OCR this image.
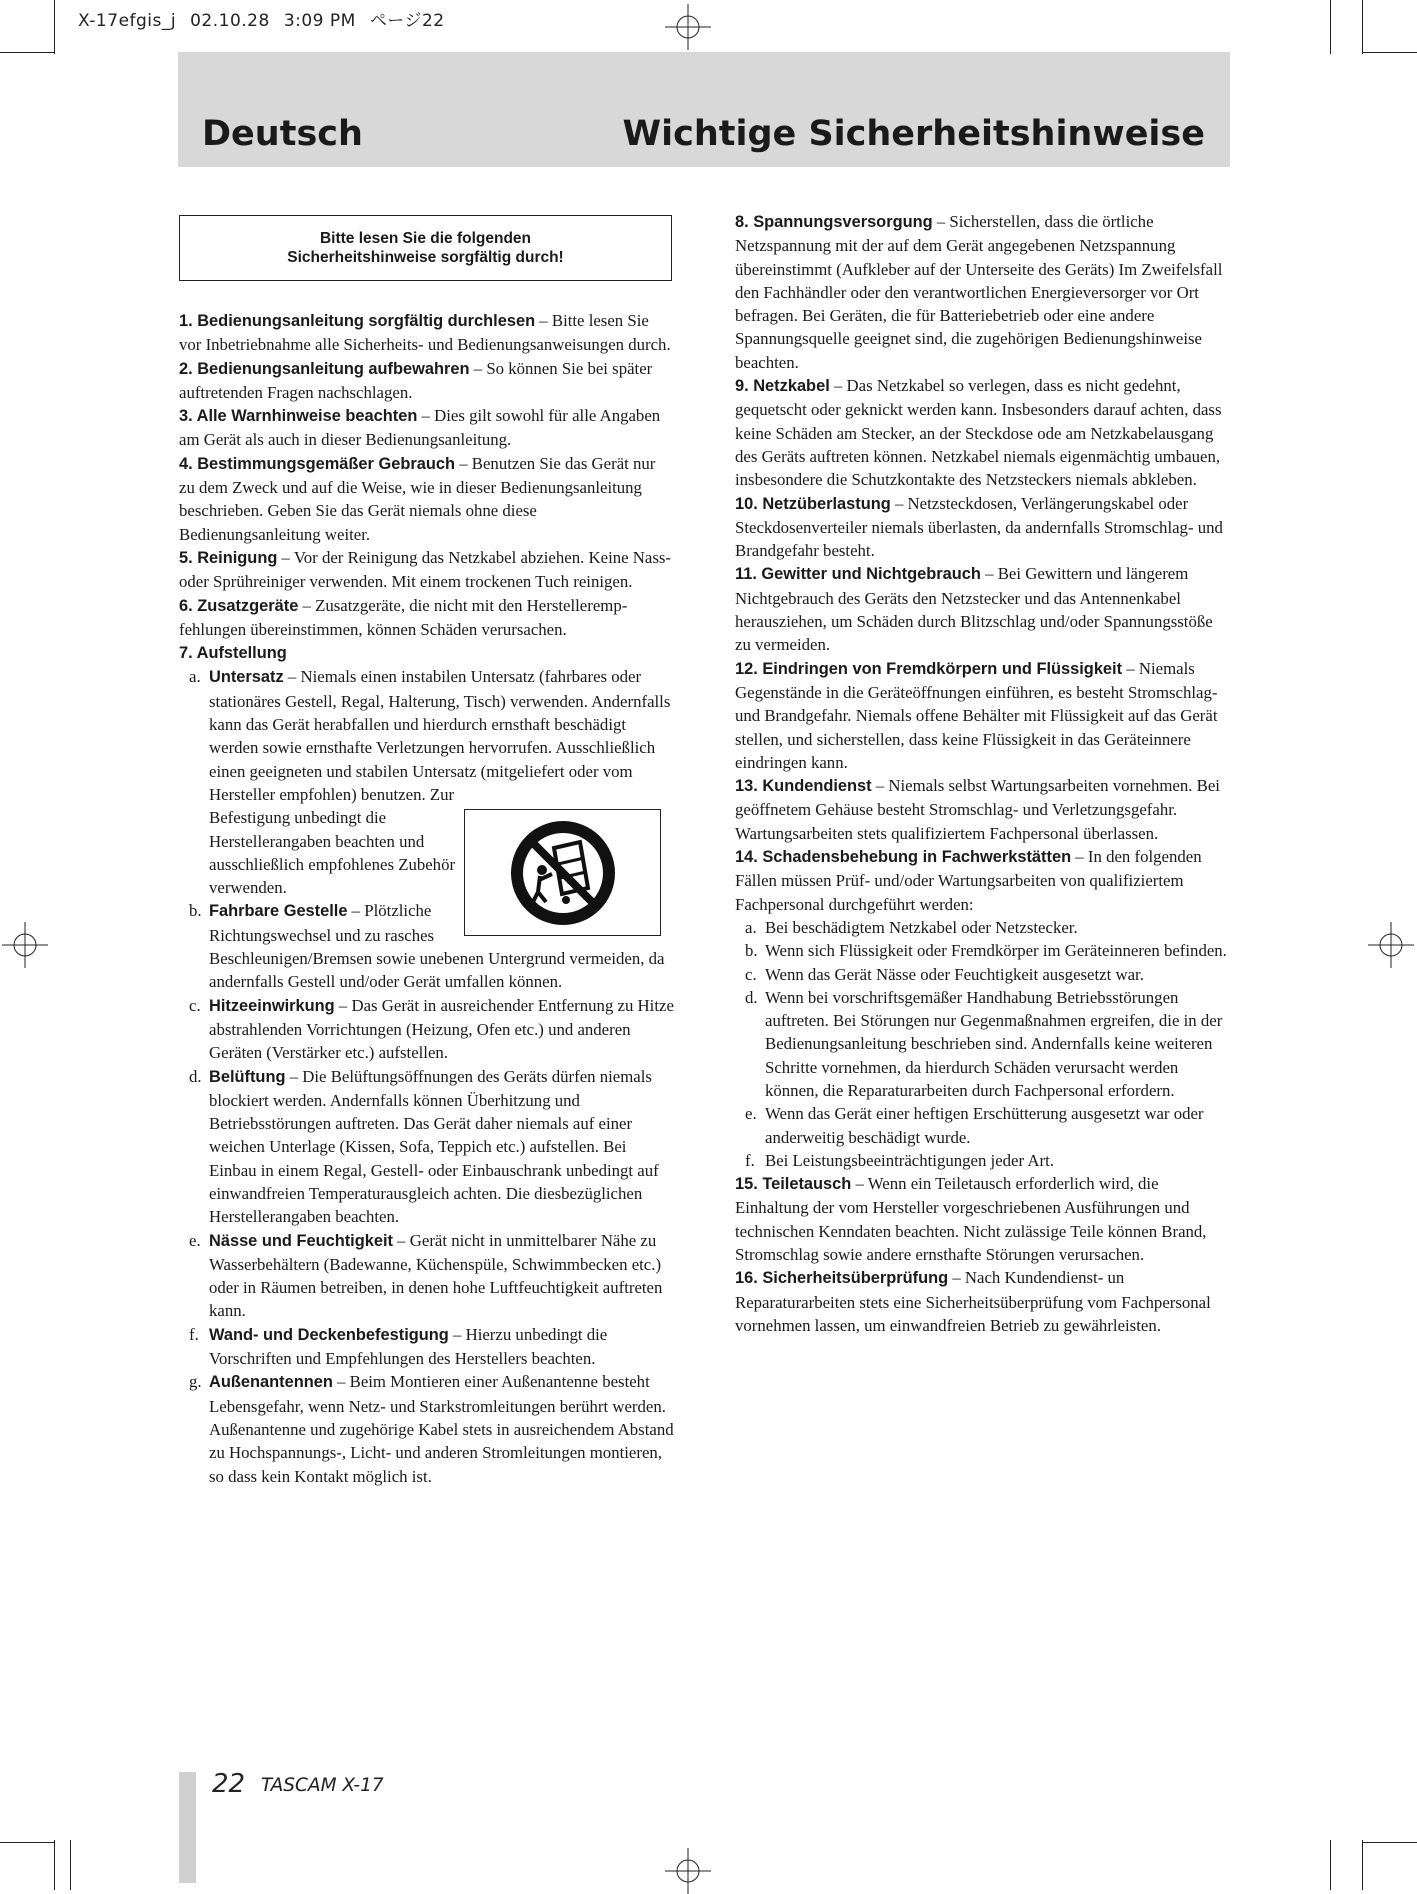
X-17efgis_j 02.10.28 3:09 PM ページ22
Deutsch	Wichtige Sicherheitshinweise
Bitte lesen Sie die folgenden
Sicherheitshinweise sorgfältig durch!

1. Bedienungsanleitung sorgfältig durchlesen – Bitte lesen Sie vor Inbetriebnahme alle Sicherheits- und Bedienungsanweisungen durch.

2. Bedienungsanleitung aufbewahren – So können Sie bei später auftretenden Fragen nachschlagen.

3. Alle Warnhinweise beachten – Dies gilt sowohl für alle Angaben am Gerät als auch in dieser Bedienungsanleitung.

4. Bestimmungsgemäßer Gebrauch – Benutzen Sie das Gerät nur zu dem Zweck und auf die Weise, wie in dieser Bedienungsanleitung beschrieben. Geben Sie das Gerät niemals ohne diese Bedienungsanleitung weiter.

5. Reinigung – Vor der Reinigung das Netzkabel abziehen. Keine Nass- oder Sprühreiniger verwenden. Mit einem trockenen Tuch reinigen.

6. Zusatzgeräte – Zusatzgeräte, die nicht mit den Herstelleremp-fehlungen übereinstimmen, können Schäden verursachen.

7. Aufstellung

a. Untersatz – Niemals einen instabilen Untersatz (fahrbares oder stationäres Gestell, Regal, Halterung, Tisch) verwenden. Andernfalls kann das Gerät herabfallen und hierdurch ernsthaft beschädigt werden sowie ernsthafte Verletzungen hervorrufen. Ausschließlich einen geeigneten und stabilen Untersatz (mitgeliefert oder vom Hersteller empfohlen) benutzen. Zur

Befestigung unbedingt die Herstellerangaben beachten und ausschließlich empfohlenes Zubehör verwenden.

b. Fahrbare Gestelle – Plötzliche Richtungswechsel und zu rasches Beschleunigen/Bremsen sowie unebenen Untergrund vermeiden, da andernfalls Gestell und/oder Gerät umfallen können.

c. Hitzeeinwirkung – Das Gerät in ausreichender Entfernung zu Hitze abstrahlenden Vorrichtungen (Heizung, Ofen etc.) und anderen Geräten (Verstärker etc.) aufstellen.

d. Belüftung – Die Belüftungsöffnungen des Geräts dürfen niemals blockiert werden. Andernfalls können Überhitzung und Betriebsstörungen auftreten. Das Gerät daher niemals auf einer weichen Unterlage (Kissen, Sofa, Teppich etc.) aufstellen. Bei Einbau in einem Regal, Gestell- oder Einbauschrank unbedingt auf einwandfreien Temperaturausgleich achten. Die diesbezüglichen Herstellerangaben beachten.

e. Nässe und Feuchtigkeit – Gerät nicht in unmittelbarer Nähe zu Wasserbehältern (Badewanne, Küchenspüle, Schwimmbecken etc.) oder in Räumen betreiben, in denen hohe Luftfeuchtigkeit auftreten kann.

f. Wand- und Deckenbefestigung – Hierzu unbedingt die Vorschriften und Empfehlungen des Herstellers beachten.

g. Außenantennen – Beim Montieren einer Außenantenne besteht Lebensgefahr, wenn Netz- und Starkstromleitungen berührt werden. Außenantenne und zugehörige Kabel stets in ausreichendem Abstand zu Hochspannungs-, Licht- und anderen Stromleitungen montieren, so dass kein Kontakt möglich ist.

8. Spannungsversorgung – Sicherstellen, dass die örtliche Netzspannung mit der auf dem Gerät angegebenen Netzspannung übereinstimmt (Aufkleber auf der Unterseite des Geräts) Im Zweifelsfall den Fachhändler oder den verantwortlichen Energieversorger vor Ort befragen. Bei Geräten, die für Batteriebetrieb oder eine andere Spannungsquelle geeignet sind, die zugehörigen Bedienungshinweise beachten.

9. Netzkabel – Das Netzkabel so verlegen, dass es nicht gedehnt, gequetscht oder geknickt werden kann. Insbesonders darauf achten, dass keine Schäden am Stecker, an der Steckdose ode am Netzkabelausgang des Geräts auftreten können. Netzkabel niemals eigenmächtig umbauen, insbesondere die Schutzkontakte des Netzsteckers niemals abkleben.

10. Netzüberlastung – Netzsteckdosen, Verlängerungskabel oder Steckdosenverteiler niemals überlasten, da andernfalls Stromschlag- und Brandgefahr besteht.

11. Gewitter und Nichtgebrauch – Bei Gewittern und längerem Nichtgebrauch des Geräts den Netzstecker und das Antennenkabel herausziehen, um Schäden durch Blitzschlag und/oder Spannungsstöße zu vermeiden.

12. Eindringen von Fremdkörpern und Flüssigkeit – Niemals Gegenstände in die Geräteöffnungen einführen, es besteht Stromschlag- und Brandgefahr. Niemals offene Behälter mit Flüssigkeit auf das Gerät stellen, und sicherstellen, dass keine Flüssigkeit in das Geräteinnere eindringen kann.

13. Kundendienst – Niemals selbst Wartungsarbeiten vornehmen. Bei geöffnetem Gehäuse besteht Stromschlag- und Verletzungsgefahr. Wartungsarbeiten stets qualifiziertem Fachpersonal überlassen.

14. Schadensbehebung in Fachwerkstätten – In den folgenden Fällen müssen Prüf- und/oder Wartungsarbeiten von qualifiziertem Fachpersonal durchgeführt werden:

a. Bei beschädigtem Netzkabel oder Netzstecker.

b. Wenn sich Flüssigkeit oder Fremdkörper im Geräteinneren befinden.

c. Wenn das Gerät Nässe oder Feuchtigkeit ausgesetzt war.

d. Wenn bei vorschriftsgemäßer Handhabung Betriebsstörungen auftreten. Bei Störungen nur Gegenmaßnahmen ergreifen, die in der Bedienungsanleitung beschrieben sind. Andernfalls keine weiteren Schritte vornehmen, da hierdurch Schäden verursacht werden können, die Reparaturarbeiten durch Fachpersonal erfordern.

e. Wenn das Gerät einer heftigen Erschütterung ausgesetzt war oder anderweitig beschädigt wurde.

f. Bei Leistungsbeeinträchtigungen jeder Art.

15. Teiletausch – Wenn ein Teiletausch erforderlich wird, die Einhaltung der vom Hersteller vorgeschriebenen Ausführungen und technischen Kenndaten beachten. Nicht zulässige Teile können Brand, Stromschlag sowie andere ernsthafte Störungen verursachen.

16. Sicherheitsüberprüfung – Nach Kundendienst- un Reparaturarbeiten stets eine Sicherheitsüberprüfung vom Fachpersonal vornehmen lassen, um einwandfreien Betrieb zu gewährleisten.

22 TASCAM X-17
